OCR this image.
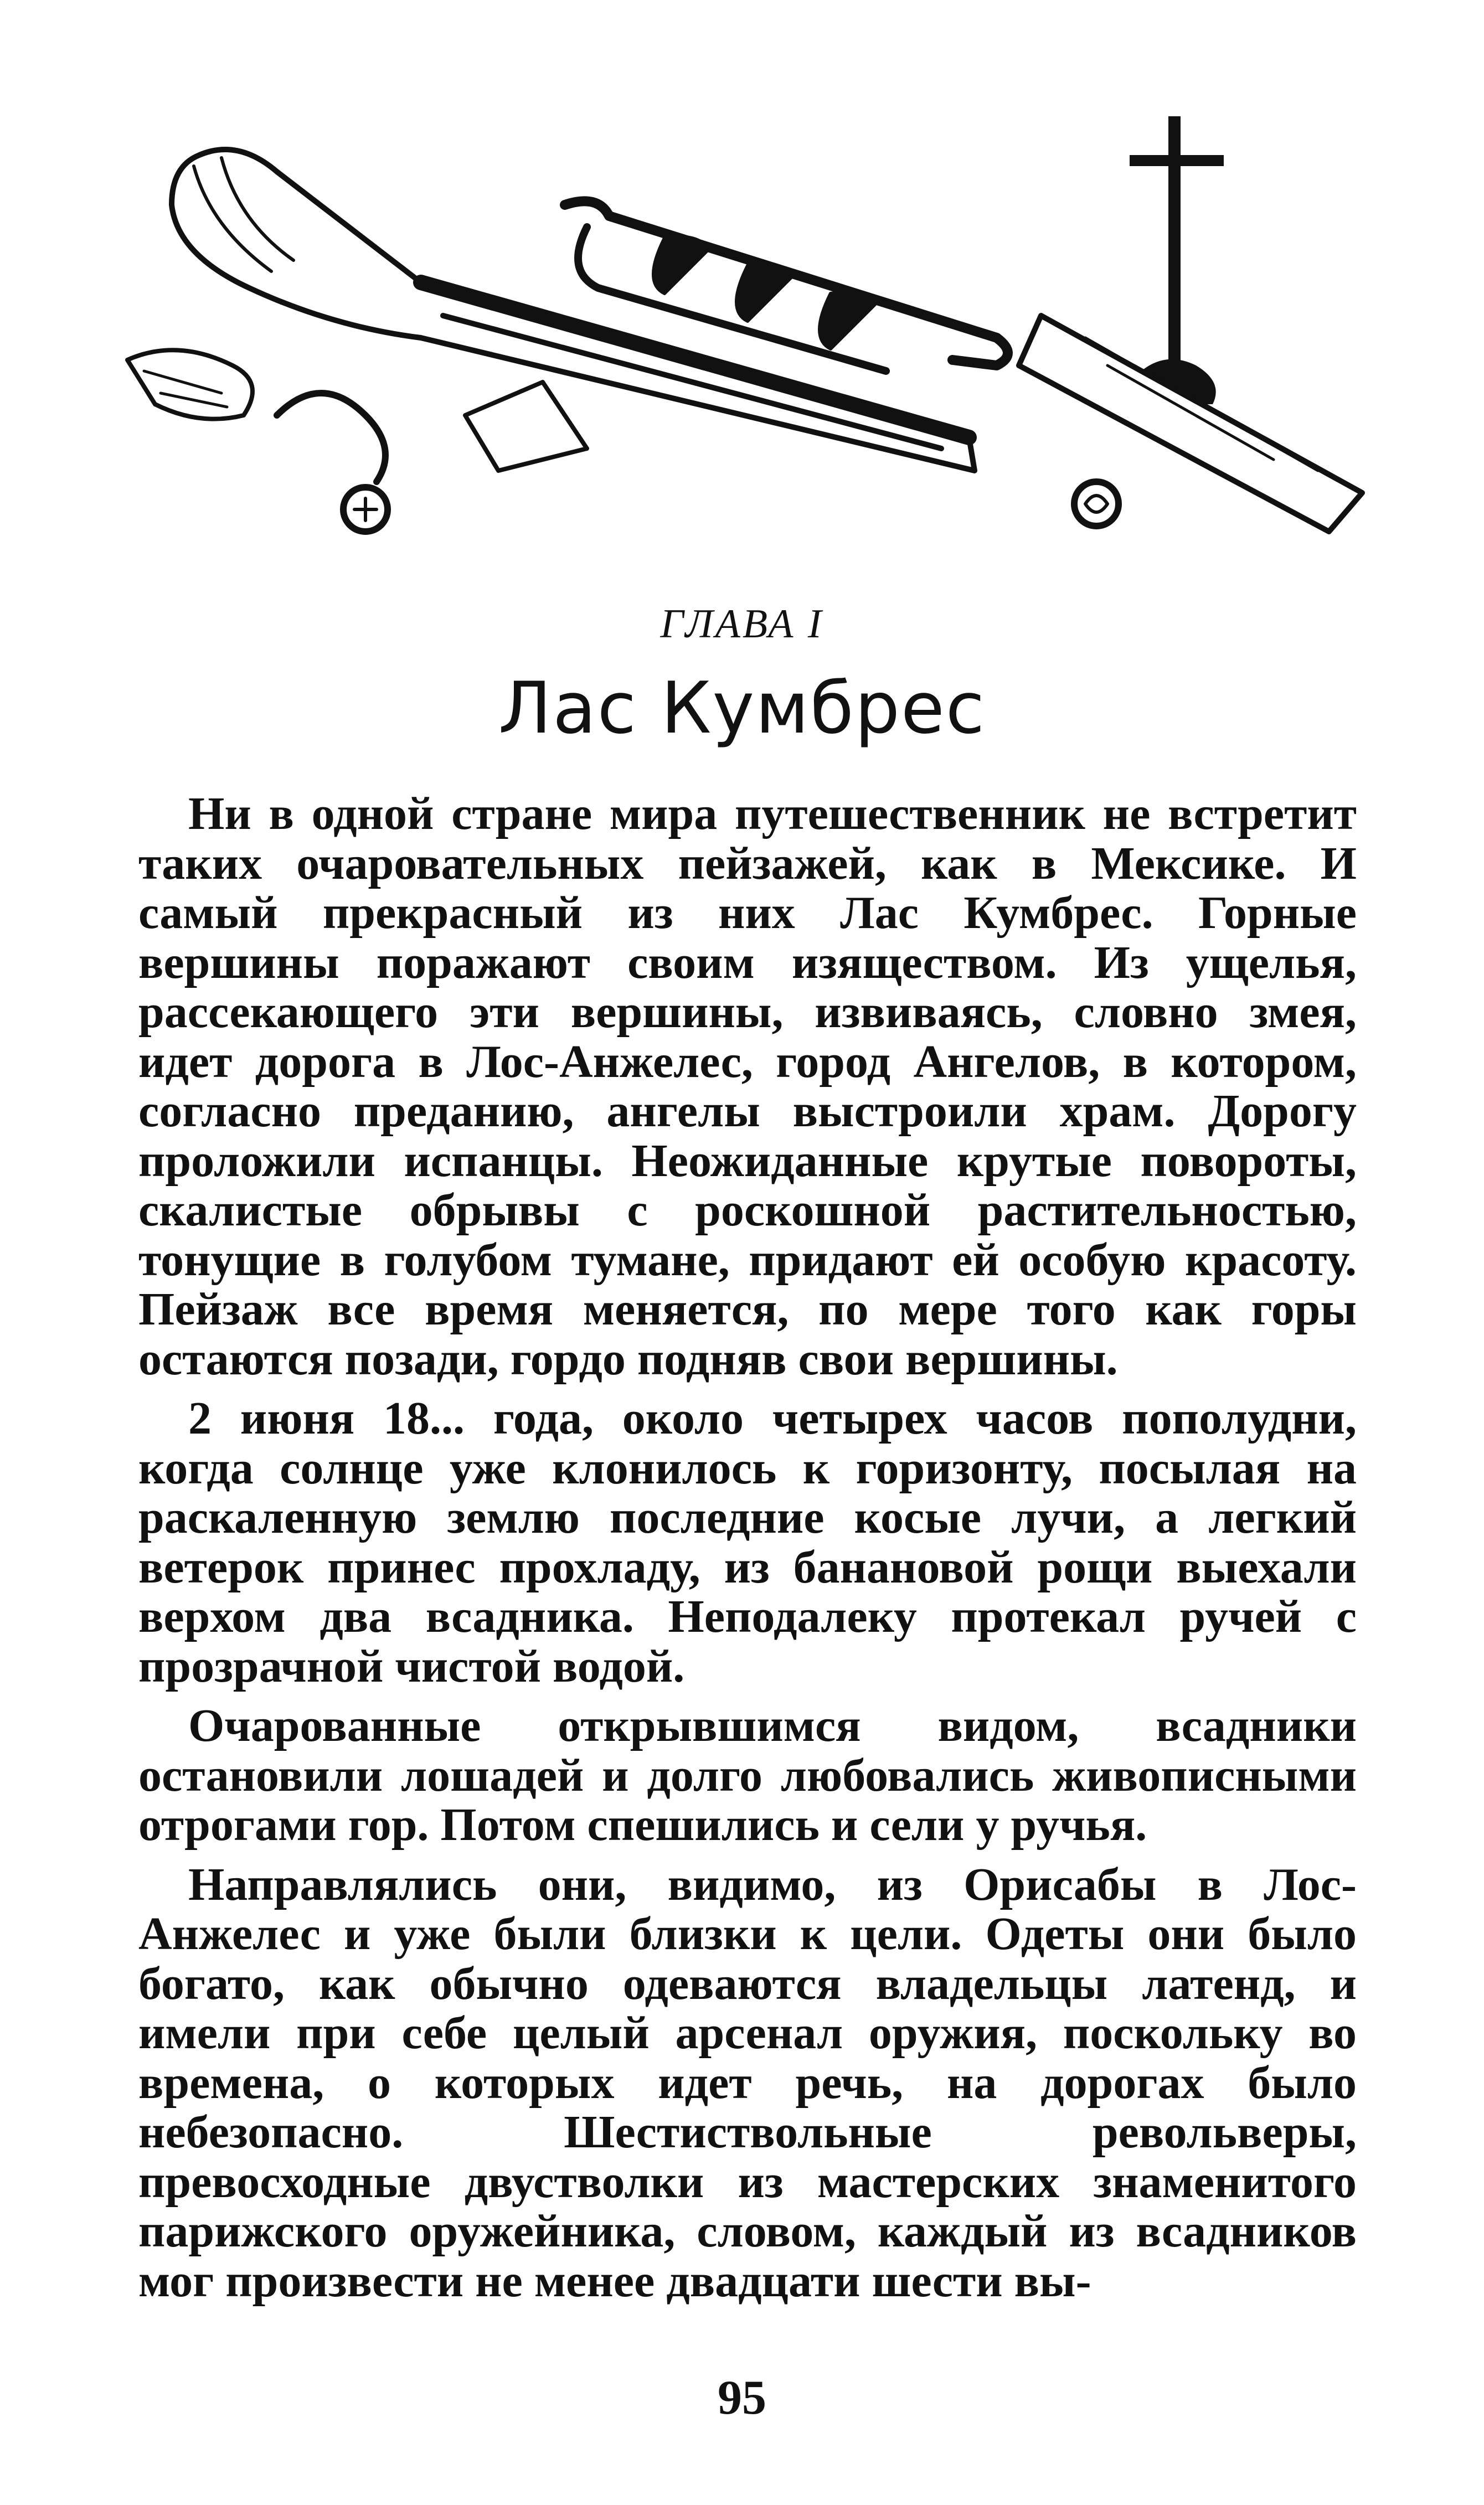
ГЛАВА I
Лас Кумбрес

Ни в одной стране мира путешественник не встретит таких очаровательных пейзажей, как в Мексике. И самый прекрасный из них Лас Кумбрес. Горные вершины поражают своим изяществом. Из ущелья, рассекающего эти вершины, извиваясь, словно змея, идет дорога в Лос-Анжелес, город Ангелов, в котором, согласно преданию, ангелы выстроили храм. Дорогу проложили испанцы. Неожиданные крутые повороты, скалистые обрывы с роскошной растительностью, тонущие в голубом тумане, придают ей особую красоту. Пейзаж все время меняется, по мере того как горы остаются позади, гордо подняв свои вершины.

2 июня 18... года, около четырех часов пополудни, когда солнце уже клонилось к горизонту, посылая на раскаленную землю последние косые лучи, а легкий ветерок принес прохладу, из банановой рощи выехали верхом два всадника. Неподалеку протекал ручей с прозрачной чистой водой.

Очарованные открывшимся видом, всадники остановили лошадей и долго любовались живописными отрогами гор. Потом спешились и сели у ручья.

Направлялись они, видимо, из Орисабы в Лос-Анжелес и уже были близки к цели. Одеты они было богато, как обычно одеваются владельцы латенд, и имели при себе целый арсенал оружия, поскольку во времена, о которых идет речь, на дорогах было небезопасно. Шестиствольные револьверы, превосходные двустволки из мастерских знаменитого парижского оружейника, словом, каждый из всадников мог произвести не менее двадцати шести вы-

95
